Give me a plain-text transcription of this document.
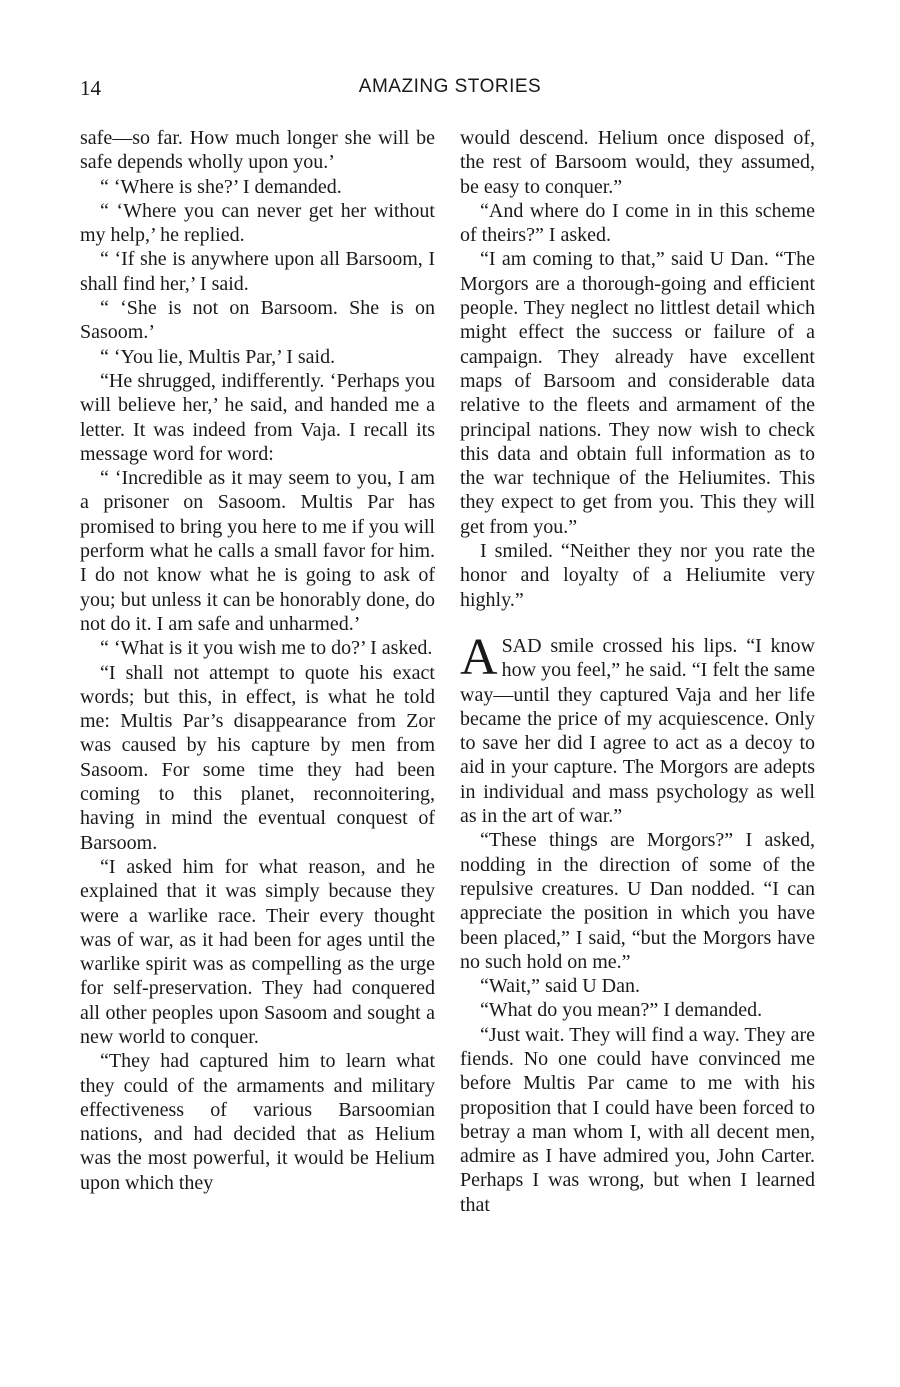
14	AMAZING STORIES

safe—so far. How much longer she will be safe depends wholly upon you.’

“ ‘Where is she?’ I demanded.

“ ‘Where you can never get her without my help,’ he replied.

“ ‘If she is anywhere upon all Barsoom, I shall find her,’ I said.

“ ‘She is not on Barsoom. She is on Sasoom.’

“ ‘You lie, Multis Par,’ I said.

“He shrugged, indifferently. ‘Perhaps you will believe her,’ he said, and handed me a letter. It was indeed from Vaja. I recall its message word for word:

“ ‘Incredible as it may seem to you, I am a prisoner on Sasoom. Multis Par has promised to bring you here to me if you will perform what he calls a small favor for him. I do not know what he is going to ask of you; but unless it can be honorably done, do not do it. I am safe and unharmed.’

“ ‘What is it you wish me to do?’ I asked.

“I shall not attempt to quote his exact words; but this, in effect, is what he told me: Multis Par’s disappearance from Zor was caused by his capture by men from Sasoom. For some time they had been coming to this planet, reconnoitering, having in mind the eventual conquest of Barsoom.

“I asked him for what reason, and he explained that it was simply because they were a warlike race. Their every thought was of war, as it had been for ages until the warlike spirit was as compelling as the urge for self-preservation. They had conquered all other peoples upon Sasoom and sought a new world to conquer.

“They had captured him to learn what they could of the armaments and military effectiveness of various Barsoomian nations, and had decided that as Helium was the most powerful, it would be Helium upon which they

would descend. Helium once disposed of, the rest of Barsoom would, they assumed, be easy to conquer.”

“And where do I come in in this scheme of theirs?” I asked.

“I am coming to that,” said U Dan. “The Morgors are a thorough-going and efficient people. They neglect no littlest detail which might effect the success or failure of a campaign. They already have excellent maps of Barsoom and considerable data relative to the fleets and armament of the principal nations. They now wish to check this data and obtain full information as to the war technique of the Heliumites. This they expect to get from you. This they will get from you.”

I smiled. “Neither they nor you rate the honor and loyalty of a Heliumite very highly.”

ASAD smile crossed his lips. “I know how you feel,” he said. “I felt the same way—until they captured Vaja and her life became the price of my acquiescence. Only to save her did I agree to act as a decoy to aid in your capture. The Morgors are adepts in individual and mass psychology as well as in the art of war.”

“These things are Morgors?” I asked, nodding in the direction of some of the repulsive creatures. U Dan nodded. “I can appreciate the position in which you have been placed,” I said, “but the Morgors have no such hold on me.”

“Wait,” said U Dan.

“What do you mean?” I demanded.

“Just wait. They will find a way. They are fiends. No one could have convinced me before Multis Par came to me with his proposition that I could have been forced to betray a man whom I, with all decent men, admire as I have admired you, John Carter. Perhaps I was wrong, but when I learned that
